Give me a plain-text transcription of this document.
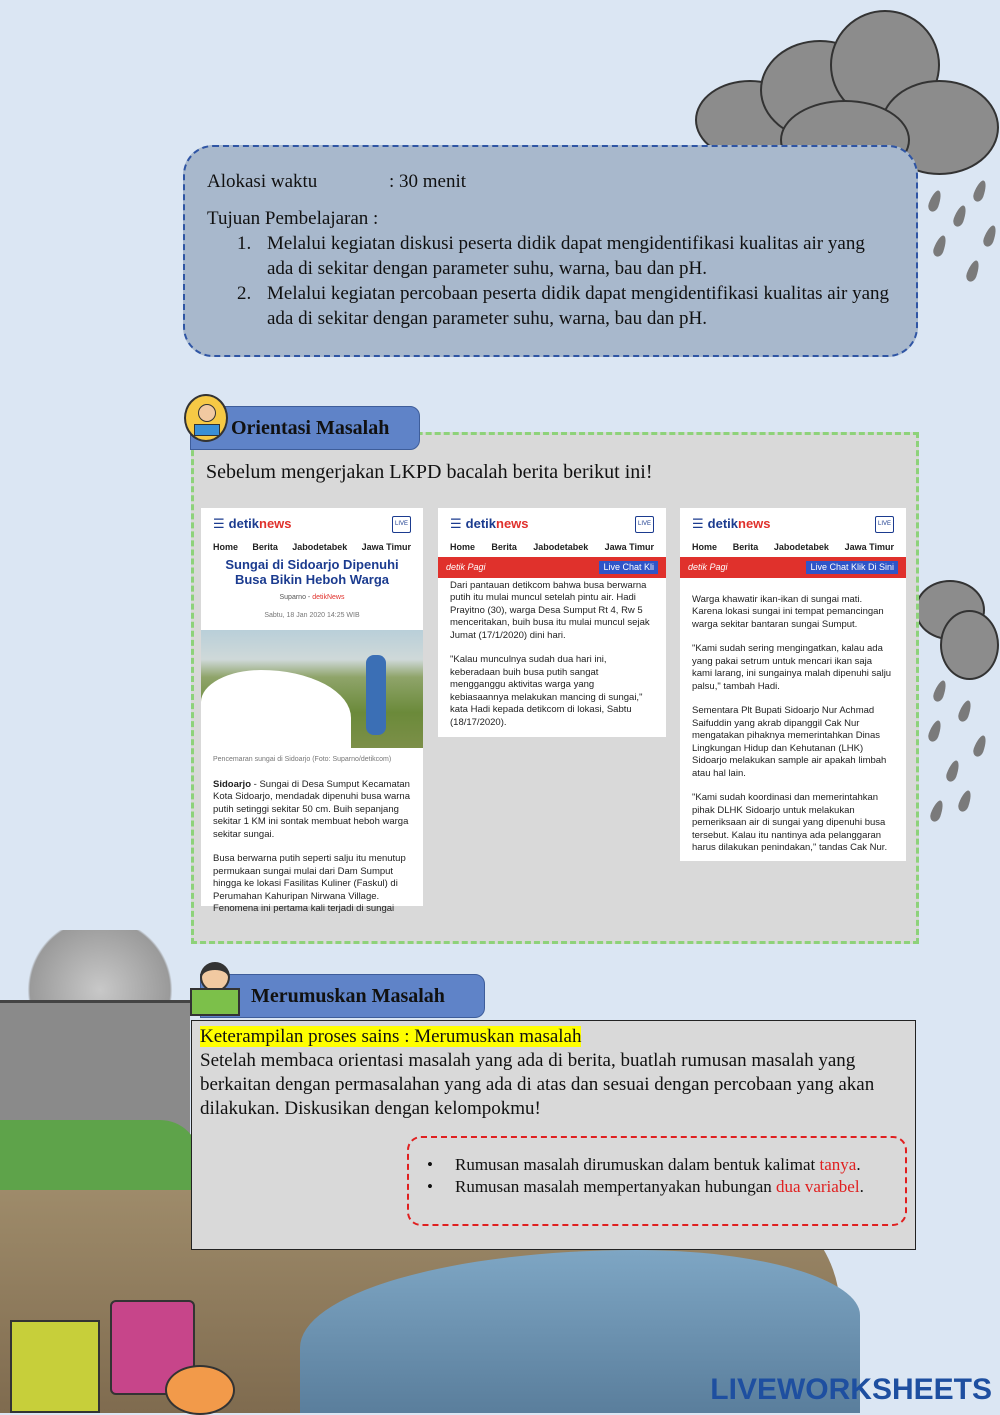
Alokasi waktu	: 30 menit
Tujuan Pembelajaran :
1. Melalui kegiatan diskusi peserta didik dapat mengidentifikasi kualitas air yang ada di sekitar dengan parameter suhu, warna, bau dan pH.
2. Melalui kegiatan percobaan peserta didik dapat mengidentifikasi kualitas air yang ada di sekitar dengan parameter suhu, warna, bau dan pH.
Orientasi Masalah
Sebelum mengerjakan LKPD bacalah berita berikut ini!
☰ detiknews	LIVE
Home Berita Jabodetabek Jawa Timur
Sungai di Sidoarjo Dipenuhi Busa Bikin Heboh Warga
Suparno - detikNews
Sabtu, 18 Jan 2020 14:25 WIB
Pencemaran sungai di Sidoarjo (Foto: Suparno/detikcom)

Sidoarjo - Sungai di Desa Sumput Kecamatan Kota Sidoarjo, mendadak dipenuhi busa warna putih setinggi sekitar 50 cm. Buih sepanjang sekitar 1 KM ini sontak membuat heboh warga sekitar sungai.

Busa berwarna putih seperti salju itu menutup permukaan sungai mulai dari Dam Sumput hingga ke lokasi Fasilitas Kuliner (Faskul) di Perumahan Kahuripan Nirwana Village. Fenomena ini pertama kali terjadi di sungai

☰ detiknews	LIVE
Home Berita Jabodetabek Jawa Timur
detik Pagi	Live Chat Kli

Dari pantauan detikcom bahwa busa berwarna putih itu mulai muncul setelah pintu air. Hadi Prayitno (30), warga Desa Sumput Rt 4, Rw 5 menceritakan, buih busa itu mulai muncul sejak Jumat (17/1/2020) dini hari.

"Kalau munculnya sudah dua hari ini, keberadaan buih busa putih sangat mengganggu aktivitas warga yang kebiasaannya melakukan mancing di sungai," kata Hadi kepada detikcom di lokasi, Sabtu (18/17/2020).

☰ detiknews	LIVE
Home Berita Jabodetabek Jawa Timur
detik Pagi	Live Chat Klik Di Sini

Warga khawatir ikan-ikan di sungai mati. Karena lokasi sungai ini tempat pemancingan warga sekitar bantaran sungai Sumput.

"Kami sudah sering mengingatkan, kalau ada yang pakai setrum untuk mencari ikan saja kami larang, ini sungainya malah dipenuhi salju palsu," tambah Hadi.

Sementara Plt Bupati Sidoarjo Nur Achmad Saifuddin yang akrab dipanggil Cak Nur mengatakan pihaknya memerintahkan Dinas Lingkungan Hidup dan Kehutanan (LHK) Sidoarjo melakukan sample air apakah limbah atau hal lain.

"Kami sudah koordinasi dan memerintahkan pihak DLHK Sidoarjo untuk melakukan pemeriksaan air di sungai yang dipenuhi busa tersebut. Kalau itu nantinya ada pelanggaran harus dilakukan penindakan," tandas Cak Nur.

Merumuskan Masalah
Keterampilan proses sains : Merumuskan masalah
Setelah membaca orientasi masalah yang ada di berita, buatlah rumusan masalah yang berkaitan dengan permasalahan yang ada di atas dan sesuai dengan percobaan yang akan dilakukan. Diskusikan dengan kelompokmu!
•	Rumusan masalah dirumuskan dalam bentuk kalimat tanya.
•	Rumusan masalah mempertanyakan hubungan dua variabel.
LIVEWORKSHEETS
